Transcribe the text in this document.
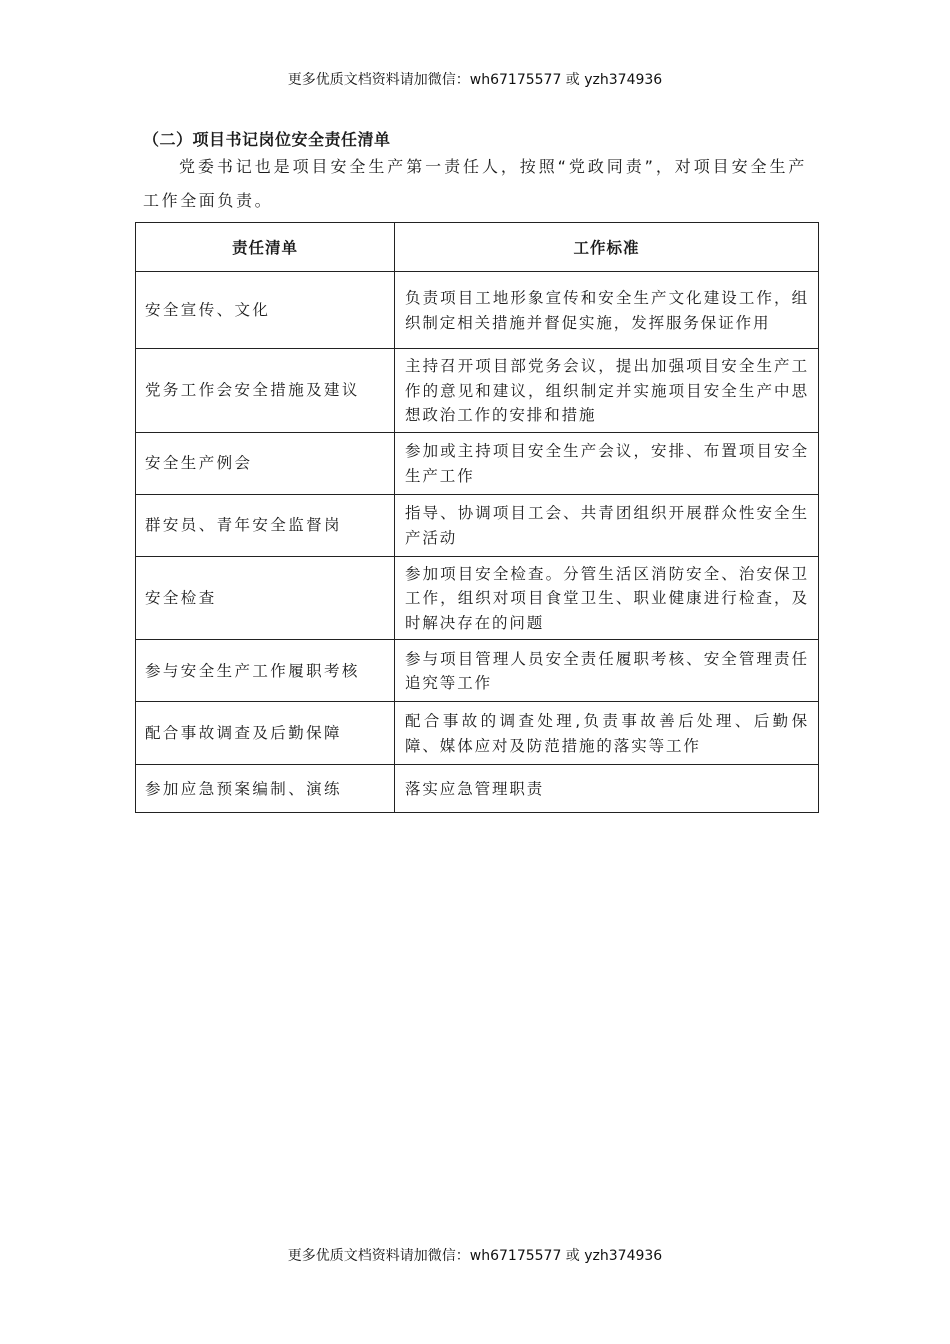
更多优质文档资料请加微信：wh67175577 或 yzh374936
（二）项目书记岗位安全责任清单
党委书记也是项目安全生产第一责任人，按照“党政同责”，对项目安全生产工作全面负责。
责任清单	工作标准
安全宣传、文化	负责项目工地形象宣传和安全生产文化建设工作，组织制定相关措施并督促实施，发挥服务保证作用
党务工作会安全措施及建议	主持召开项目部党务会议，提出加强项目安全生产工作的意见和建议，组织制定并实施项目安全生产中思想政治工作的安排和措施
安全生产例会	参加或主持项目安全生产会议，安排、布置项目安全生产工作
群安员、青年安全监督岗	指导、协调项目工会、共青团组织开展群众性安全生产活动
安全检查	参加项目安全检查。分管生活区消防安全、治安保卫工作，组织对项目食堂卫生、职业健康进行检查，及时解决存在的问题
参与安全生产工作履职考核	参与项目管理人员安全责任履职考核、安全管理责任追究等工作
配合事故调查及后勤保障	配合事故的调查处理,负责事故善后处理、后勤保障、媒体应对及防范措施的落实等工作
参加应急预案编制、演练	落实应急管理职责
更多优质文档资料请加微信：wh67175577 或 yzh374936
